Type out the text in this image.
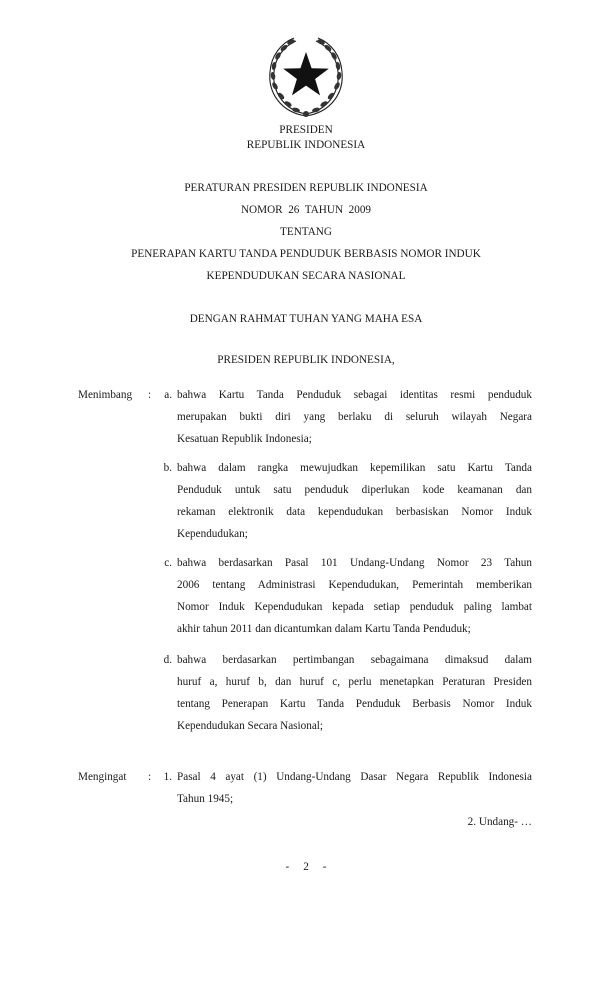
PRESIDEN
REPUBLIK INDONESIA
PERATURAN PRESIDEN REPUBLIK INDONESIA
NOMOR  26  TAHUN  2009
TENTANG
PENERAPAN KARTU TANDA PENDUDUK BERBASIS NOMOR INDUK
KEPENDUDUKAN SECARA NASIONAL
DENGAN RAHMAT TUHAN YANG MAHA ESA
PRESIDEN REPUBLIK INDONESIA,
Menimbang :	a. bahwa Kartu Tanda Penduduk sebagai identitas resmi penduduk
merupakan bukti diri yang berlaku di seluruh wilayah Negara
Kesatuan Republik Indonesia;
b. bahwa dalam rangka mewujudkan kepemilikan satu Kartu Tanda
Penduduk untuk satu penduduk diperlukan kode keamanan dan
rekaman elektronik data kependudukan berbasiskan Nomor Induk
Kependudukan;
c. bahwa berdasarkan Pasal 101 Undang-Undang Nomor 23 Tahun
2006 tentang Administrasi Kependudukan, Pemerintah memberikan
Nomor Induk Kependudukan kepada setiap penduduk paling lambat
akhir tahun 2011 dan dicantumkan dalam Kartu Tanda Penduduk;
d. bahwa berdasarkan pertimbangan sebagaimana dimaksud dalam
huruf a, huruf b, dan huruf c, perlu menetapkan Peraturan Presiden
tentang Penerapan Kartu Tanda Penduduk Berbasis Nomor Induk
Kependudukan Secara Nasional;
Mengingat :	1. Pasal 4 ayat (1) Undang-Undang Dasar Negara Republik Indonesia
Tahun 1945;
2. Undang- …
-     2     -
